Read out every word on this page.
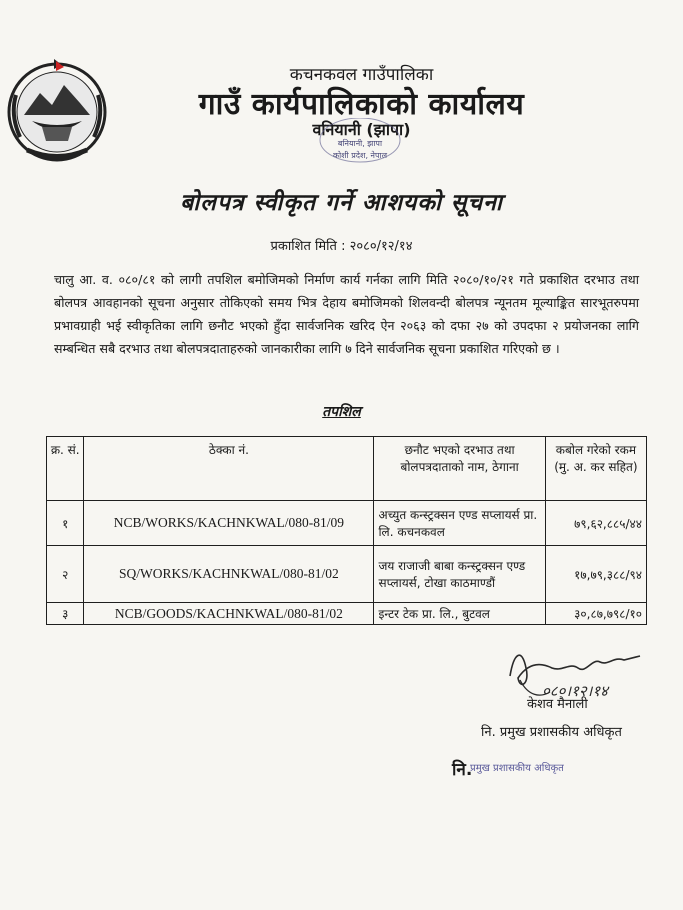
कचनकवल गाउँपालिका
गाउँ कार्यपालिकाको कार्यालय
वनियानी (झापा)
बनियानी, झापा
कोशी प्रदेश, नेपाल
बोलपत्र स्वीकृत गर्ने आशयको सूचना
प्रकाशित मिति : २०८०/१२/१४
चालु आ. व. ०८०/८१ को लागी तपशिल बमोजिमको निर्माण कार्य गर्नका लागि मिति २०८०/१०/२१ गते प्रकाशित दरभाउ तथा बोलपत्र आवहानको सूचना अनुसार तोकिएको समय भित्र देहाय बमोजिमको शिलवन्दी बोलपत्र न्यूनतम मूल्याङ्कित सारभूतरुपमा प्रभावग्राही भई स्वीकृतिका लागि छनौट भएको हुँदा सार्वजनिक खरिद ऐन २०६३ को दफा २७ को उपदफा २ प्रयोजनका लागि सम्बन्धित सबै दरभाउ तथा बोलपत्रदाताहरुको जानकारीका लागि ७ दिने सार्वजनिक सूचना प्रकाशित गरिएको छ ।
तपशिल
क्र. सं.	ठेक्का नं.	छनौट भएको दरभाउ तथा बोलपत्रदाताको नाम, ठेगाना	कबोल गरेको रकम (मु. अ. कर सहित)
१	NCB/WORKS/KACHNKWAL/080-81/09	अच्युत कन्स्ट्रक्सन एण्ड सप्लायर्स प्रा. लि. कचनकवल	७९,६२,८८५/४४
२	SQ/WORKS/KACHNKWAL/080-81/02	जय राजाजी बाबा कन्स्ट्रक्सन एण्ड सप्लायर्स, टोखा काठमाण्डौं	१७,७९,३८८/९४
३	NCB/GOODS/KACHNKWAL/080-81/02	इन्टर टेक प्रा. लि., बुटवल	३०,८७,७९८/१०
०८०।१२।१४
केशव मैनाली
नि. प्रमुख प्रशासकीय अधिकृत
नि.
प्रमुख प्रशासकीय अधिकृत
